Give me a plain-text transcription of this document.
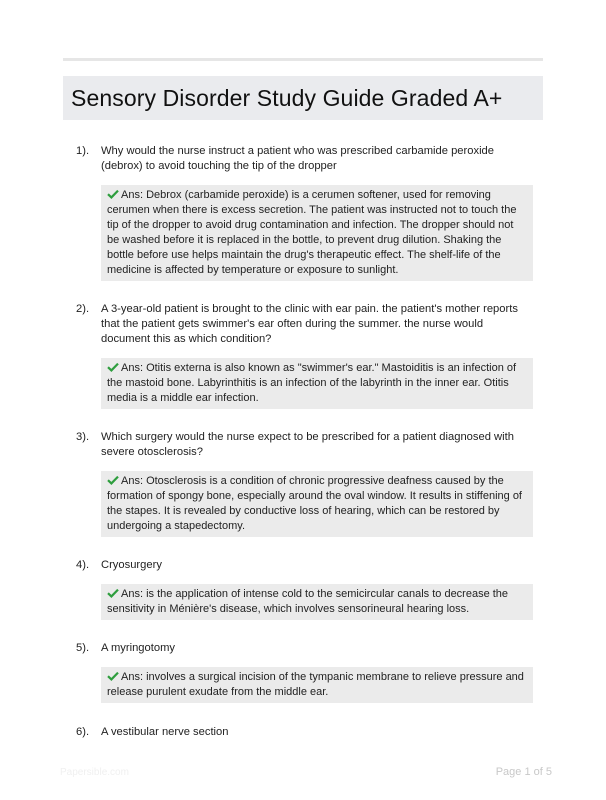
Sensory Disorder Study Guide Graded A+
1).	Why would the nurse instruct a patient who was prescribed carbamide peroxide (debrox) to avoid touching the tip of the dropper
Ans: Debrox (carbamide peroxide) is a cerumen softener, used for removing cerumen when there is excess secretion. The patient was instructed not to touch the tip of the dropper to avoid drug contamination and infection. The dropper should not be washed before it is replaced in the bottle, to prevent drug dilution. Shaking the bottle before use helps maintain the drug's therapeutic effect. The shelf-life of the medicine is affected by temperature or exposure to sunlight.
2).	A 3-year-old patient is brought to the clinic with ear pain. the patient's mother reports that the patient gets swimmer's ear often during the summer. the nurse would document this as which condition?
Ans: Otitis externa is also known as "swimmer's ear." Mastoiditis is an infection of the mastoid bone. Labyrinthitis is an infection of the labyrinth in the inner ear. Otitis media is a middle ear infection.
3).	Which surgery would the nurse expect to be prescribed for a patient diagnosed with severe otosclerosis?
Ans: Otosclerosis is a condition of chronic progressive deafness caused by the formation of spongy bone, especially around the oval window. It results in stiffening of the stapes. It is revealed by conductive loss of hearing, which can be restored by undergoing a stapedectomy.
4).	Cryosurgery
Ans: is the application of intense cold to the semicircular canals to decrease the sensitivity in Ménière's disease, which involves sensorineural hearing loss.
5).	A myringotomy
Ans: involves a surgical incision of the tympanic membrane to relieve pressure and release purulent exudate from the middle ear.
6).	A vestibular nerve section
Papersible.com	Page 1 of 5
